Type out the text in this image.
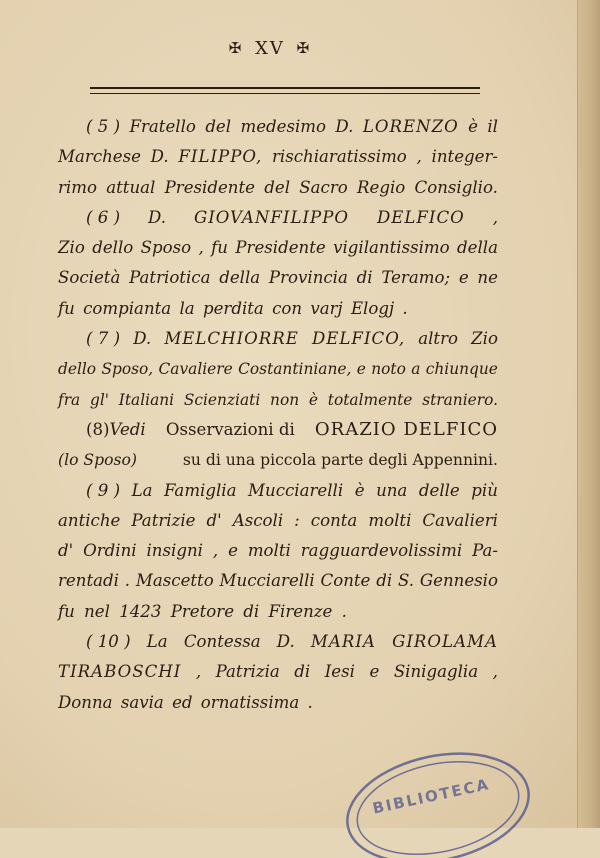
✠ XV ✠
( 5 ) Fratello del medesimo D. LORENZO è il
Marchese D. FILIPPO, rischiaratissimo , integer-
rimo attual Presidente del Sacro Regio Consiglio.
( 6 ) D. GIOVANFILIPPO DELFICO ,
Zio dello Sposo , fu Presidente vigilantissimo della
Società Patriotica della Provincia di Teramo; e ne
fu compianta la perdita con varj Elogj .
( 7 ) D. MELCHIORRE DELFICO, altro Zio
dello Sposo, Cavaliere Costantiniane, e noto a chiunque
fra gl' Italiani Scienziati non è totalmente straniero.
(8)Vedi Osservazioni di ORAZIO DELFICO
(lo Sposo)	su di una piccola parte degli Appennini.
( 9 ) La Famiglia Mucciarelli è una delle più
antiche Patrizie d' Ascoli : conta molti Cavalieri
d' Ordini insigni , e molti ragguardevolissimi Pa-
rentadi . Mascetto Mucciarelli Conte di S. Gennesio
fu nel 1423 Pretore di Firenze .
( 10 ) La Contessa D. MARIA GIROLAMA
TIRABOSCHI , Patrizia di Iesi e Sinigaglia ,
Donna savia ed ornatissima .
BIBLIOTECA
